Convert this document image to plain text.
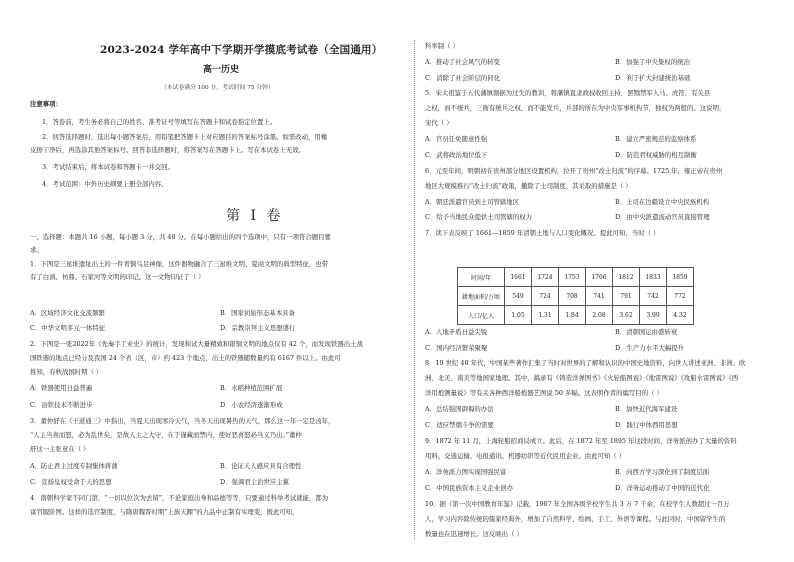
2023-2024 学年高中下学期开学摸底考试卷（全国通用）
高一历史
（本试卷满分 100 分，考试时间 75 分钟）
注意事项：
1．答卷前，考生务必将自己的姓名、准考证号等填写在答题卡和试卷指定位置上。
2．回答选择题时，选出每小题答案后，用铅笔把答题卡上对应题目的答案标号涂黑。如需改动，用橡
皮擦干净后，再选涂其他答案标号。回答非选择题时，将答案写在答题卡上。写在本试卷上无效。
3．考试结束后，将本试卷和答题卡一并交回。
4．考试范围：中外历史纲要上册全部内容。
第 I 卷
一、选择题：本题共 16 小题，每小题 3 分，共 48 分。在每小题给出的四个选项中，只有一项符合题目要
求。
1．下图是三星堆遗址出土的一件青铜鸟足神像，这件器物融合了三星堆文明、夏商文明的典型特征，也带
有了白滇、枋鼎、石家河等文明的印记。这一文物印证了（ ）
A．区域经济文化交流频繁	B．国家初始形态基本具备
C．中华文明多元一体特征	D．宗教崇拜主义思想盛行
2．下图是一张2022年《先秦手工业史》的统计，发现和试大量精致和银铜文明的地点仅有 42 个，而发现铁器出土战
国铁器的地点已经分及我国 24 个省（区，市）约 423 个地点，出土的铁器随数量约有 6167 件以上。由此可
推知，春秋战国时期（ ）
A．铁器使用日益普遍	B．水稻种植范围扩展
C．冶铁技术不断进步	D．小农经济逐渐形成
3．董仲舒在《王道通三》中指出，当夏天出现寒冷天气，当冬天出现暑热的天气，那么这一年一定是凶年，
“人主当喜而怒，必为乱世矣，是故人主之大守，在于谨藏而禁内，使好恶喜怒必当义乃出。”董仲
舒这一主张意在（ ）
A．防止君主过度专制集体蒋蒲	B．论证天人感应具有合理性
C．宣扬皇权受命于天的思想	D．强调君主治世应主翼
4．南朝科学家不同门第，“一切以位次为去留”，不论家庭出身和品德等等，只要通过科举考试就能，都为
富官服阶图。这样的选官制度，与隋唐魏晋时期“上族天踝”的九品中正制有实理变，既此可知，
科举制（ ）
A．推动了社会风气的转变	B．加强了中央集权的统治
C．消除了社会阶层的同化	D．利于扩大封建统治基础
5．宋太祖鉴于五代藩镇割据为过失的教训，将藩镇直隶政权收回主持，罢黜禁军人马、虎符，有关县
之权，而不统兵，三衙有统兵之权，而不能发兵，兵部的所在为中央军事机构节，独权为两般的。这说明，
宋代（ ）
A．官员任免随意性强	B．建立严密规范的监察体系
C．武将政治地位低下	D．防范君权威胁的相互制衡
6．元至年间，明朝初在贵州部分地区设置机构，拉开了贵州“改土归流”的序幕。1725 年，雍正帝在贵州
地区大规模推行“改土归流”政策，撤除了土司制度，其采取的措施是（ ）
A．朝廷派遣官员到土司管辖地区	B．土司在边疆设立中央民族机构
C．给予当地民众提供土司管辖的权力	D．由中央派遣流动官员直接管理
7．读下表反映了 1661—1859 年清朝土地与人口变化概况。提此可知，当时（ ）
时间/年	1661	1724	1753	1766	1812	1833	1859
耕地面积/万顷	549	724	708	741	791	742	772
人口/亿人	1.05	1.31	1.84	2.08	3.62	3.99	4.32
A．人地矛盾日益尖锐	B．清朝国运由盛转衰
C．国内经济繁荣聚聚	D．生产力水平大幅提升
8．19 世纪 40 年代，中国某些著作汇集了当时对世界的了解和认识的中国史地资料，向世人讲述亚洲、非洲、欧
洲、北美、南美等地国家地理。其中，搞录有《铸造洋弹图书》《火轮船图说》《地雷图说》《攻船水雷图说》《西
洋用炮测量说》等有关各种西洋船炮器艺图说 50 多幅。这表明作者的编写目的（ ）
A．总结强国御侮的办法	B．加快近代海军建设
C．适应禁烟斗争的需要	D．践行中体西用思想
9．1872 年 11 月，上海轮船招商局成立。此后，在 1872 年至 1895 年这段时间，洋务派创办了大量的资料
用料、交通运输、电报通讯、机器纺织等近代民用企业。由此可知（ ）
A．洋务派力图实现国强民富	B．向西方学习深化到了制度层面
C．中国民族资本主义企业创办	D．洋务运动推动了中国的近代化
10．据《第一次中国教育年鉴》记载，1907 年全国各级学校学生共 3 万 7 千余，在校学生人数超过一百万
人，学习内容除传统的儒家经典外，增加了自然科学、绘画、手工、外语等课程。与此同时，中国留学生的
数量也在迅速增长。这反映出（ ）
